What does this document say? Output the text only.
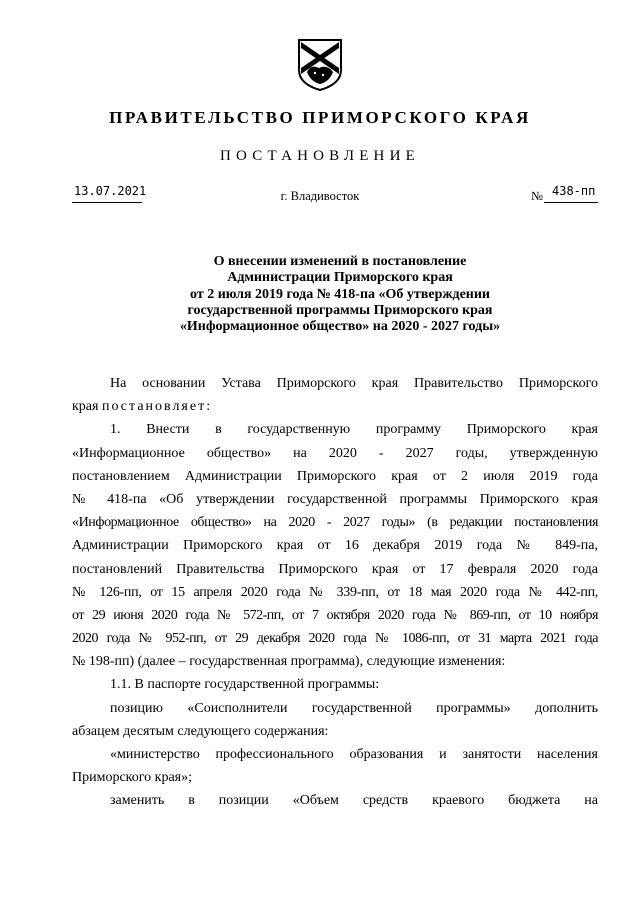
ПРАВИТЕЛЬСТВО ПРИМОРСКОГО КРАЯ
ПОСТАНОВЛЕНИЕ
13.07.2021	г. Владивосток	№ 438-пп
О внесении изменений в постановление
Администрации Приморского края
от 2 июля 2019 года № 418-па «Об утверждении
государственной программы Приморского края
«Информационное общество» на 2020 - 2027 годы»
На основании Устава Приморского края Правительство Приморского
края постановляет:
1. Внести в государственную программу Приморского края
«Информационное общество» на 2020 - 2027 годы, утвержденную
постановлением Администрации Приморского края от 2 июля 2019 года
№ 418-па «Об утверждении государственной программы Приморского края
«Информационное общество» на 2020 - 2027 годы» (в редакции постановления
Администрации Приморского края от 16 декабря 2019 года № 849-па,
постановлений Правительства Приморского края от 17 февраля 2020 года
№ 126-пп, от 15 апреля 2020 года № 339-пп, от 18 мая 2020 года № 442-пп,
от 29 июня 2020 года № 572-пп, от 7 октября 2020 года № 869-пп, от 10 ноября
2020 года № 952-пп, от 29 декабря 2020 года № 1086-пп, от 31 марта 2021 года
№ 198-пп) (далее – государственная программа), следующие изменения:
1.1. В паспорте государственной программы:
позицию «Соисполнители государственной программы» дополнить
абзацем десятым следующего содержания:
«министерство профессионального образования и занятости населения
Приморского края»;
заменить в позиции «Объем средств краевого бюджета на
